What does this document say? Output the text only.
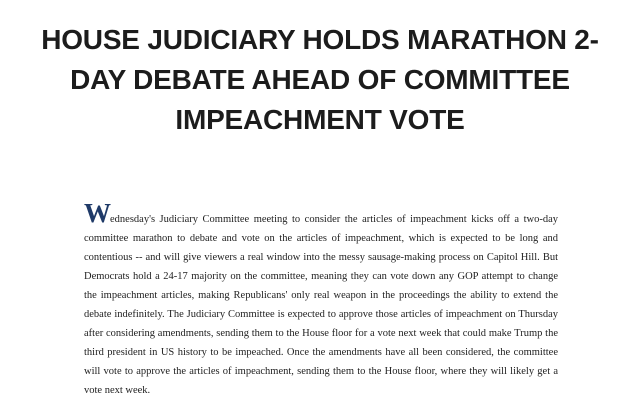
HOUSE JUDICIARY HOLDS MARATHON 2-DAY DEBATE AHEAD OF COMMITTEE IMPEACHMENT VOTE

Wednesday's Judiciary Committee meeting to consider the articles of impeachment kicks off a two-day committee marathon to debate and vote on the articles of impeachment, which is expected to be long and contentious -- and will give viewers a real window into the messy sausage-making process on Capitol Hill. But Democrats hold a 24-17 majority on the committee, meaning they can vote down any GOP attempt to change the impeachment articles, making Republicans' only real weapon in the proceedings the ability to extend the debate indefinitely. The Judiciary Committee is expected to approve those articles of impeachment on Thursday after considering amendments, sending them to the House floor for a vote next week that could make Trump the third president in US history to be impeached. Once the amendments have all been considered, the committee will vote to approve the articles of impeachment, sending them to the House floor, where they will likely get a vote next week.
